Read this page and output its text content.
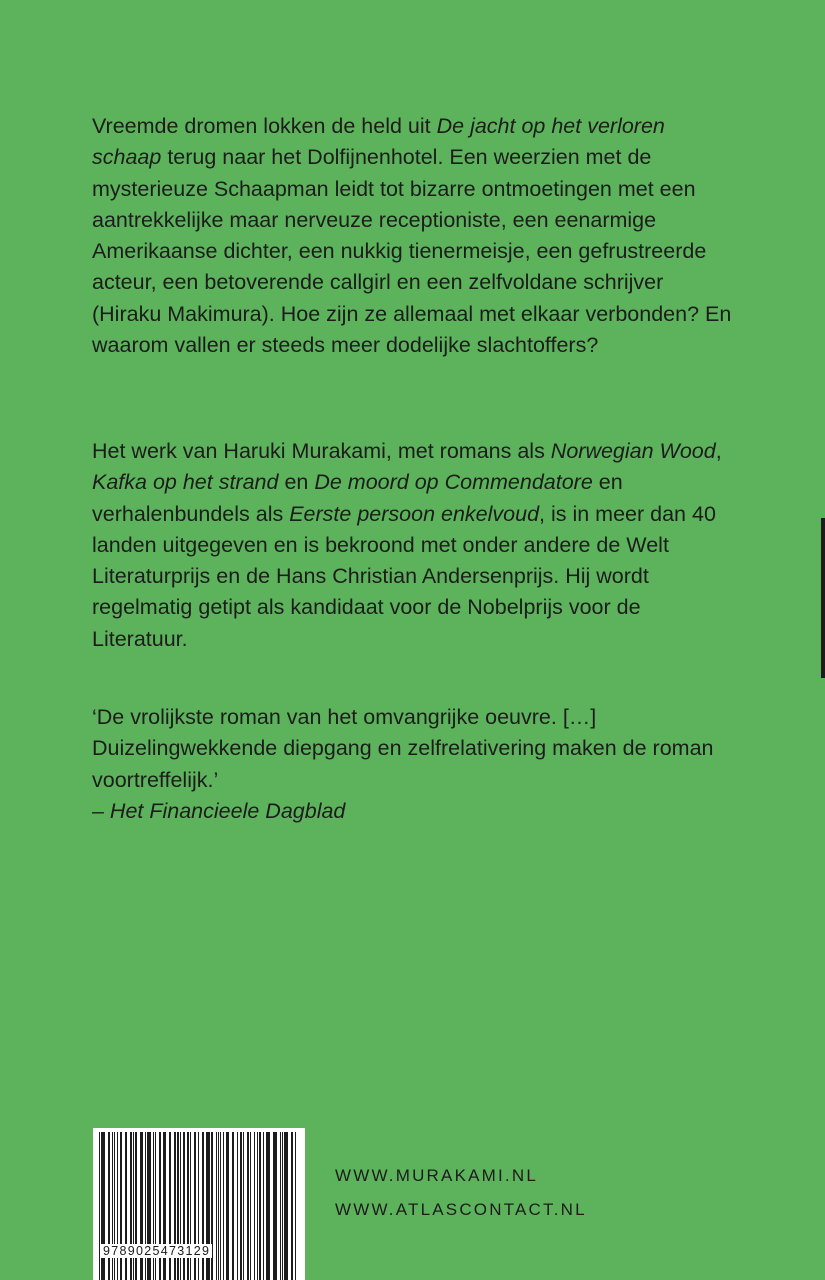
Vreemde dromen lokken de held uit De jacht op het verloren schaap terug naar het Dolfijnenhotel. Een weerzien met de mysterieuze Schaapman leidt tot bizarre ontmoetingen met een aantrekkelijke maar nerveuze receptioniste, een eenarmige Amerikaanse dichter, een nukkig tienermeisje, een gefrustreerde acteur, een betoverende callgirl en een zelfvoldane schrijver (Hiraku Makimura). Hoe zijn ze allemaal met elkaar verbonden? En waarom vallen er steeds meer dodelijke slachtoffers?

Het werk van Haruki Murakami, met romans als Norwegian Wood, Kafka op het strand en De moord op Commendatore en verhalenbundels als Eerste persoon enkelvoud, is in meer dan 40 landen uitgegeven en is bekroond met onder andere de Welt Literaturprijs en de Hans Christian Andersenprijs. Hij wordt regelmatig getipt als kandidaat voor de Nobelprijs voor de Literatuur.

‘De vrolijkste roman van het omvangrijke oeuvre. […] Duizelingwekkende diepgang en zelfrelativering maken de roman voortreffelijk.’

– Het Financieele Dagblad

9789025473129
WWW.MURAKAMI.NL
WWW.ATLASCONTACT.NL
